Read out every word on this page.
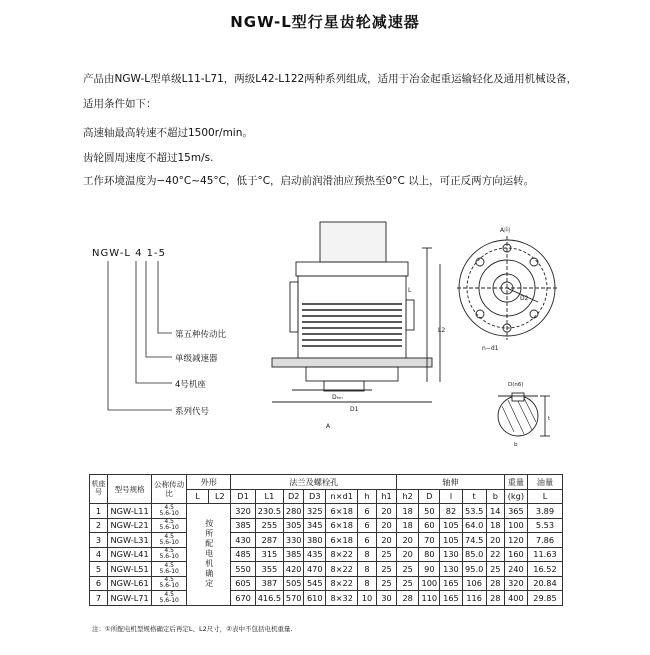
NGW-L型行星齿轮减速器
产品由NGW-L型单级L11-L71，两级L42-L122两种系列组成，适用于冶金起重运输轻化及通用机械设备，
适用条件如下：
高速轴最高转速不超过1500r/min。
齿轮圆周速度不超过15m/s.
工作环境温度为−40°C~45°C，低于°C，启动前润滑油应预热至0°C 以上，可正反两方向运转。
NGW-L 4 1-5
第五种传动比
单级减速器
4号机座
系列代号
L
L2
Dₕₘ
D1
A
A向
D2
n−d1
D(n6)
t
b
机座号	型号规格	公称传动比	外形		法兰及螺栓孔							轴伸					重量	油量
			L	L2	D1	L1	D2	D3	n×d1	h	h1	h2	D	l	t	b	(kg)	L
1	NGW-L11	4.5
5.6-10	按所配电机确定		320	230.5	280	325	6×18	6	20	18	50	82	53.5	14	365	3.89
2	NGW-L21	4.5
5.6-10			385	255	305	345	6×18	6	20	18	60	105	64.0	18	100	5.53
3	NGW-L31	4.5
5.6-10			430	287	330	380	6×18	6	20	20	70	105	74.5	20	120	7.86
4	NGW-L41	4.5
5.6-10			485	315	385	435	8×22	8	25	20	80	130	85.0	22	160	11.63
5	NGW-L51	4.5
5.6-10			550	355	420	470	8×22	8	25	25	90	130	95.0	25	240	16.52
6	NGW-L61	4.5
5.6-10			605	387	505	545	8×22	8	25	25	100	165	106	28	320	20.84
7	NGW-L71	4.5
5.6-10			670	416.5	570	610	8×32	10	30	28	110	165	116	28	400	29.85
注：①所配电机型规格确定后再定L、L2尺寸，②表中不包括电机重量.
